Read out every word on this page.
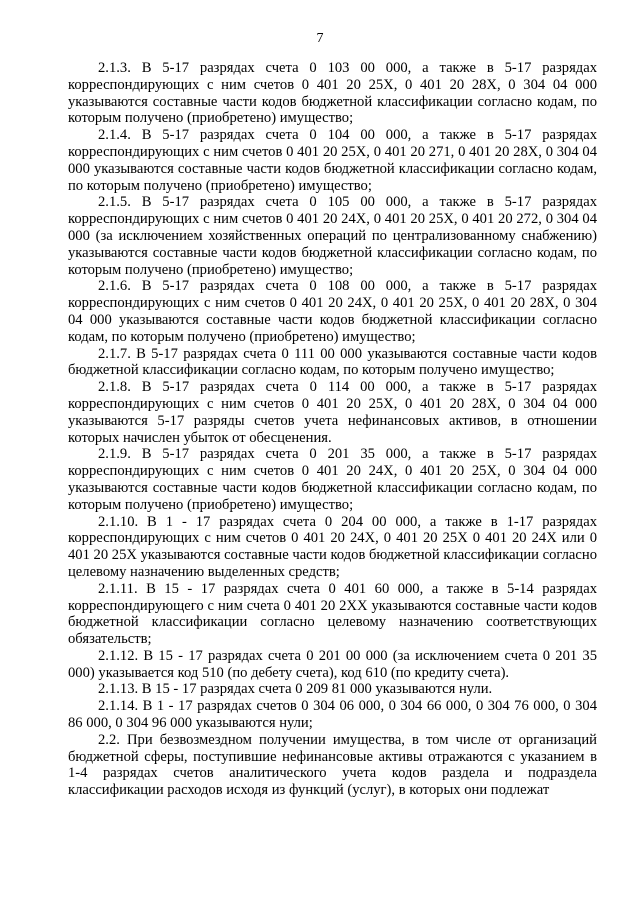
7

2.1.3. В 5-17 разрядах счета 0 103 00 000, а также в 5-17 разрядах корреспондирующих с ним счетов 0 401 20 25X, 0 401 20 28X, 0 304 04 000 указываются составные части кодов бюджетной классификации согласно кодам, по которым получено (приобретено) имущество;

2.1.4. В 5-17 разрядах счета 0 104 00 000, а также в 5-17 разрядах корреспондирующих с ним счетов 0 401 20 25X, 0 401 20 271, 0 401 20 28X, 0 304 04 000 указываются составные части кодов бюджетной классификации согласно кодам, по которым получено (приобретено) имущество;

2.1.5. В 5-17 разрядах счета 0 105 00 000, а также в 5-17 разрядах корреспондирующих с ним счетов 0 401 20 24X, 0 401 20 25X, 0 401 20 272, 0 304 04 000 (за исключением хозяйственных операций по централизованному снабжению) указываются составные части кодов бюджетной классификации согласно кодам, по которым получено (приобретено) имущество;

2.1.6. В 5-17 разрядах счета 0 108 00 000, а также в 5-17 разрядах корреспондирующих с ним счетов 0 401 20 24X, 0 401 20 25X, 0 401 20 28X, 0 304 04 000 указываются составные части кодов бюджетной классификации согласно кодам, по которым получено (приобретено) имущество;

2.1.7. В 5-17 разрядах счета 0 111 00 000 указываются составные части кодов бюджетной классификации согласно кодам, по которым получено имущество;

2.1.8. В 5-17 разрядах счета 0 114 00 000, а также в 5-17 разрядах корреспондирующих с ним счетов 0 401 20 25X, 0 401 20 28X, 0 304 04 000 указываются 5-17 разряды счетов учета нефинансовых активов, в отношении которых начислен убыток от обесценения.

2.1.9. В 5-17 разрядах счета 0 201 35 000, а также в 5-17 разрядах корреспондирующих с ним счетов 0 401 20 24X, 0 401 20 25X, 0 304 04 000 указываются составные части кодов бюджетной классификации согласно кодам, по которым получено (приобретено) имущество;

2.1.10. В 1 - 17 разрядах счета 0 204 00 000, а также в 1-17 разрядах корреспондирующих с ним счетов 0 401 20 24X, 0 401 20 25X 0 401 20 24X или 0 401 20 25X указываются составные части кодов бюджетной классификации согласно целевому назначению выделенных средств;

2.1.11. В 15 - 17 разрядах счета 0 401 60 000, а также в 5-14 разрядах корреспондирующего с ним счета 0 401 20 2XX указываются составные части кодов бюджетной классификации согласно целевому назначению соответствующих обязательств;

2.1.12. В 15 - 17 разрядах счета 0 201 00 000 (за исключением счета 0 201 35 000) указывается код 510 (по дебету счета), код 610 (по кредиту счета).

2.1.13. В 15 - 17 разрядах счета 0 209 81 000 указываются нули.

2.1.14. В 1 - 17 разрядах счетов 0 304 06 000, 0 304 66 000, 0 304 76 000, 0 304 86 000, 0 304 96 000 указываются нули;

2.2. При безвозмездном получении имущества, в том числе от организаций бюджетной сферы, поступившие нефинансовые активы отражаются с указанием в 1-4 разрядах счетов аналитического учета кодов раздела и подраздела классификации расходов исходя из функций (услуг), в которых они подлежат
